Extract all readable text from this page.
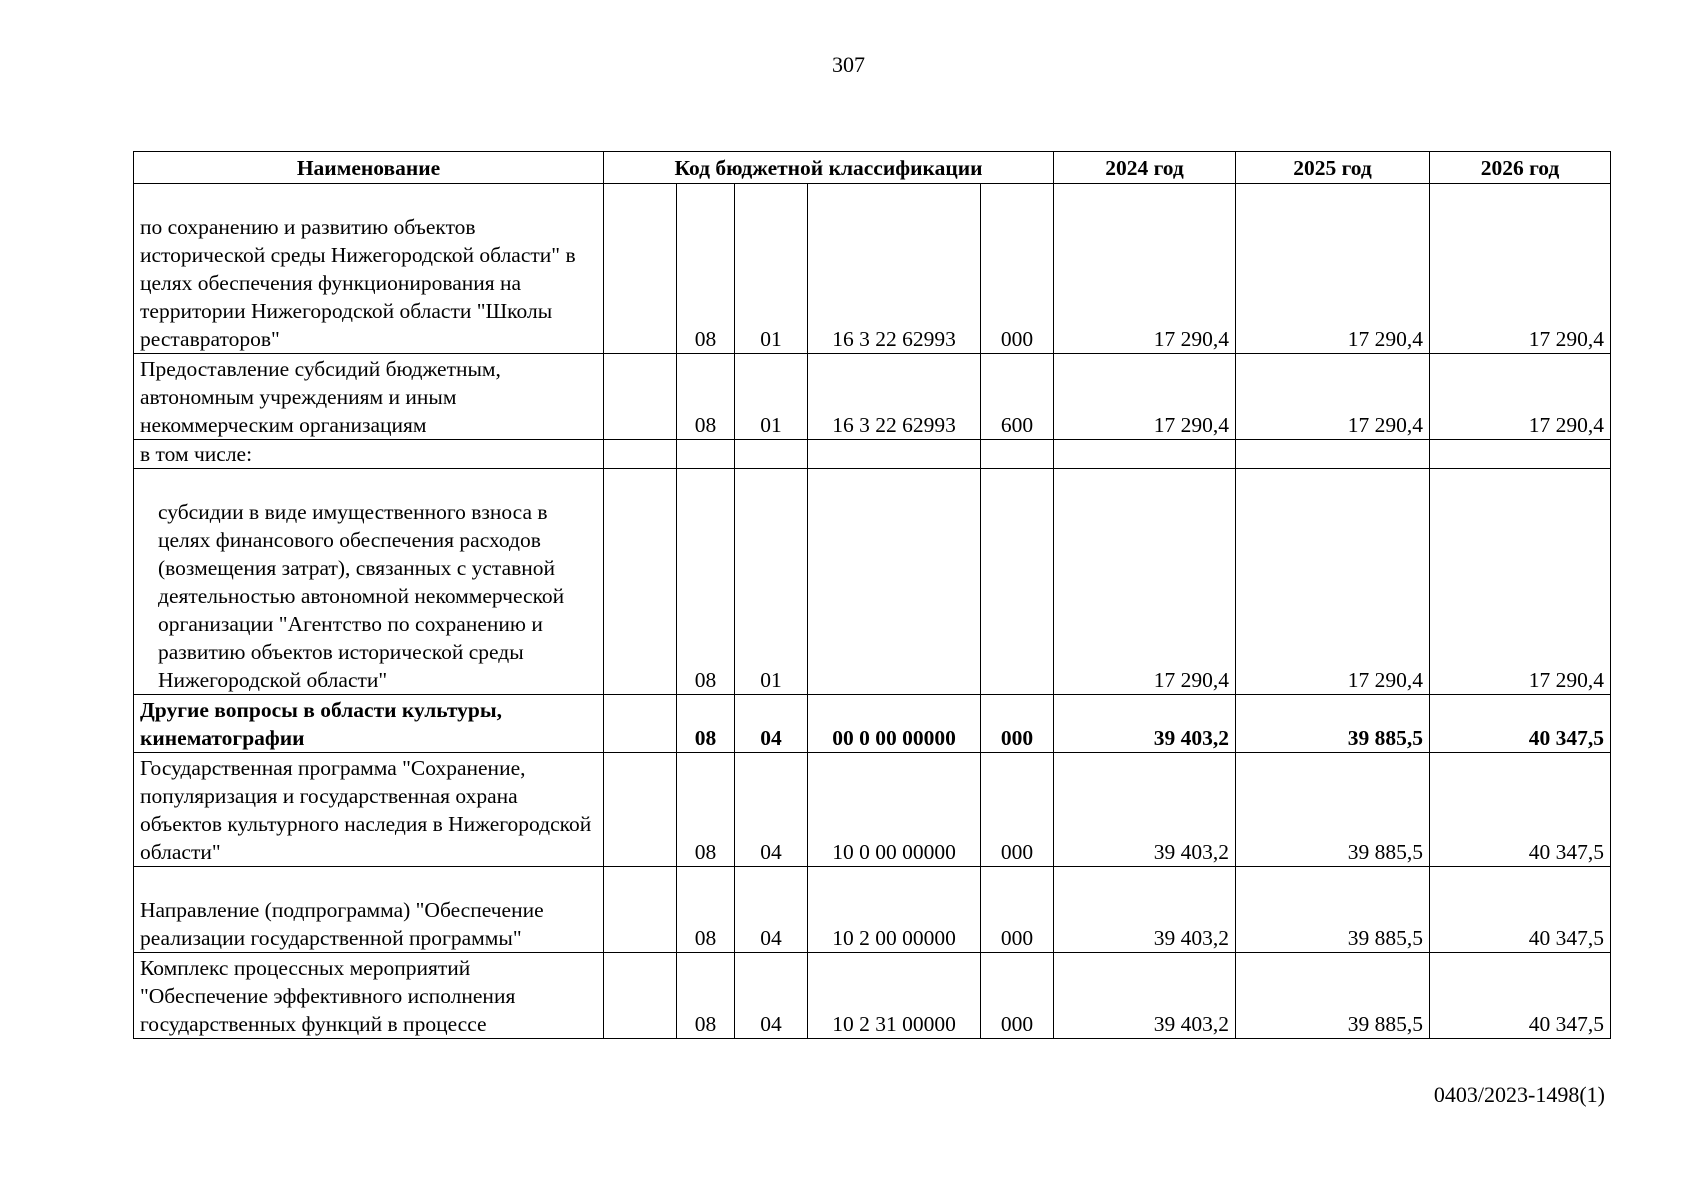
307
Наименование	Код бюджетной классификации					2024 год	2025 год	2026 год
по сохранению и развитию объектов исторической среды Нижегородской области" в целях обеспечения функционирования на территории Нижегородской области "Школы реставраторов"		08	01	16 3 22 62993	000	17 290,4	17 290,4	17 290,4
Предоставление субсидий бюджетным, автономным учреждениям и иным некоммерческим организациям		08	01	16 3 22 62993	600	17 290,4	17 290,4	17 290,4
в том числе:								
субсидии в виде имущественного взноса в целях финансового обеспечения расходов (возмещения затрат), связанных с уставной деятельностью автономной некоммерческой организации "Агентство по сохранению и развитию объектов исторической среды Нижегородской области"		08	01			17 290,4	17 290,4	17 290,4
Другие вопросы в области культуры, кинематографии		08	04	00 0 00 00000	000	39 403,2	39 885,5	40 347,5
Государственная программа "Сохранение, популяризация и государственная охрана объектов культурного наследия в Нижегородской области"		08	04	10 0 00 00000	000	39 403,2	39 885,5	40 347,5
Направление (подпрограмма) "Обеспечение реализации государственной программы"		08	04	10 2 00 00000	000	39 403,2	39 885,5	40 347,5
Комплекс процессных мероприятий "Обеспечение эффективного исполнения государственных функций в процессе		08	04	10 2 31 00000	000	39 403,2	39 885,5	40 347,5
0403/2023-1498(1)
